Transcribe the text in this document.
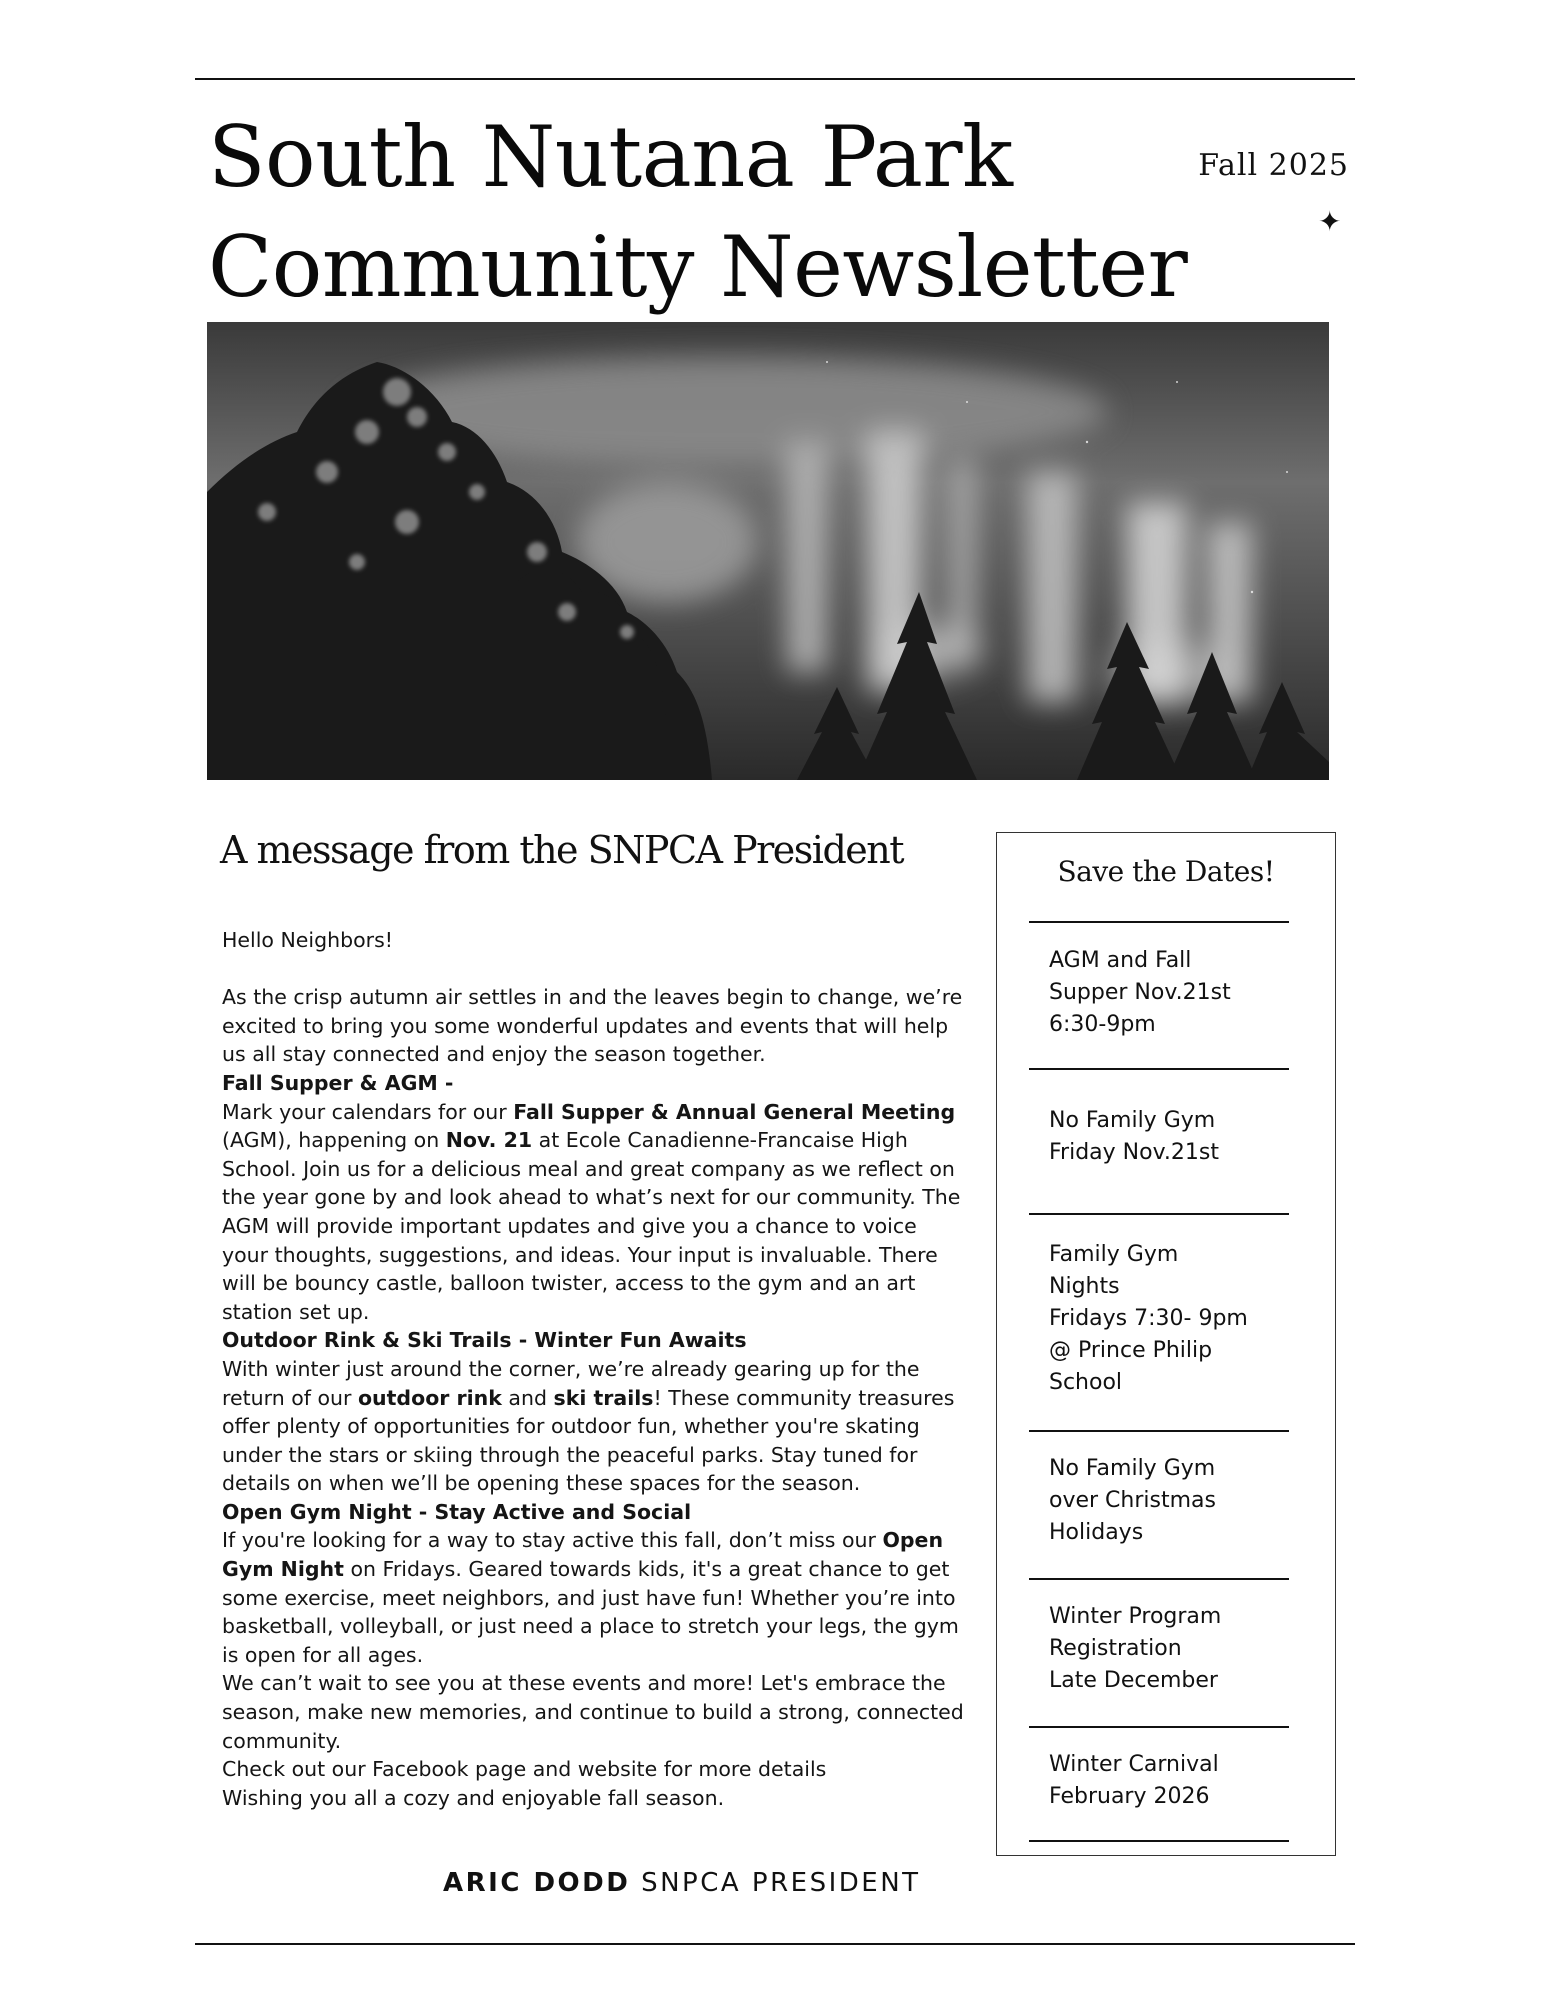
South Nutana Park
Community Newsletter

Fall 2025

✦
A message from the SNPCA President

Hello Neighbors!

As the crisp autumn air settles in and the leaves begin to change, we’re excited to bring you some wonderful updates and events that will help us all stay connected and enjoy the season together.

Fall Supper & AGM -

Mark your calendars for our Fall Supper & Annual General Meeting (AGM), happening on Nov. 21 at Ecole Canadienne-Francaise High School. Join us for a delicious meal and great company as we reflect on the year gone by and look ahead to what’s next for our community. The AGM will provide important updates and give you a chance to voice your thoughts, suggestions, and ideas. Your input is invaluable. There will be bouncy castle, balloon twister, access to the gym and an art station set up.

Outdoor Rink & Ski Trails - Winter Fun Awaits

With winter just around the corner, we’re already gearing up for the return of our outdoor rink and ski trails! These community treasures offer plenty of opportunities for outdoor fun, whether you're skating under the stars or skiing through the peaceful parks. Stay tuned for details on when we’ll be opening these spaces for the season.

Open Gym Night - Stay Active and Social

If you're looking for a way to stay active this fall, don’t miss our Open Gym Night on Fridays. Geared towards kids, it's a great chance to get some exercise, meet neighbors, and just have fun! Whether you’re into basketball, volleyball, or just need a place to stretch your legs, the gym is open for all ages.

We can’t wait to see you at these events and more! Let's embrace the season, make new memories, and continue to build a strong, connected community.

Check out our Facebook page and website for more details

Wishing you all a cozy and enjoyable fall season.

ARIC DODD SNPCA PRESIDENT

Save the Dates!

AGM and Fall
Supper Nov.21st
6:30-9pm

No Family Gym
Friday Nov.21st

Family Gym
Nights
Fridays 7:30- 9pm
@ Prince Philip
School

No Family Gym
over Christmas
Holidays

Winter Program
Registration
Late December

Winter Carnival
February 2026
